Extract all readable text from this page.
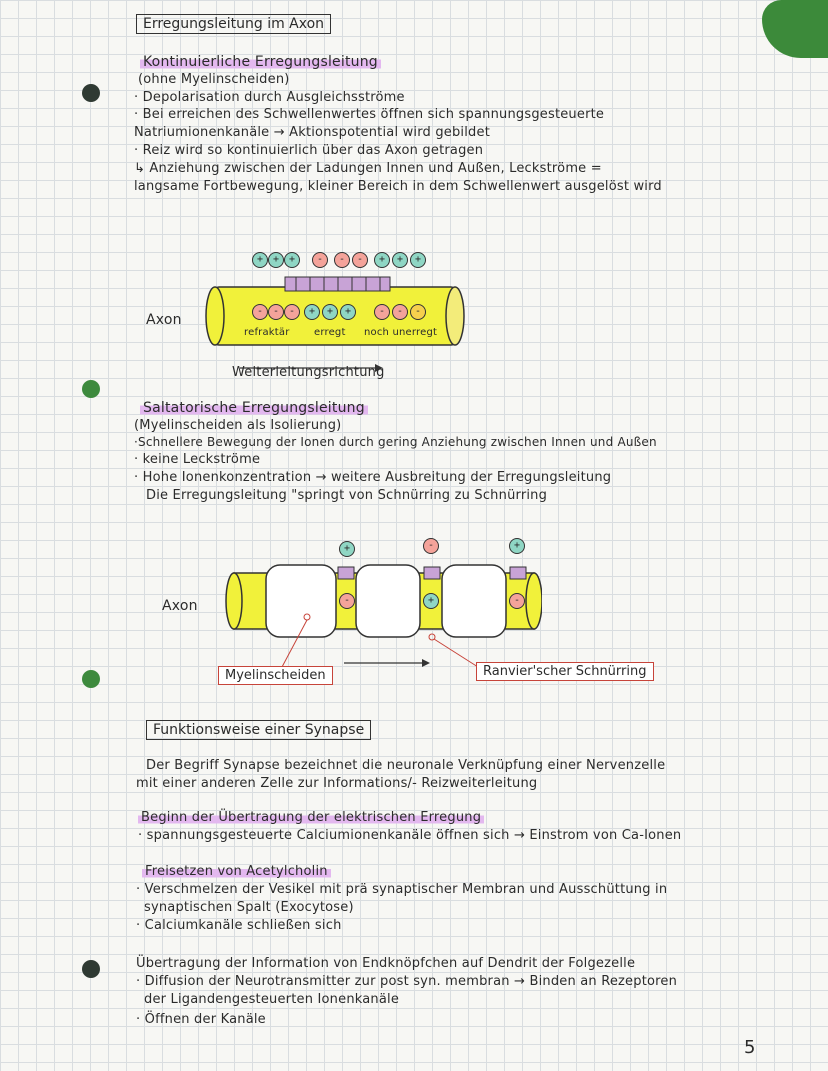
Erregungsleitung im Axon
Kontinuierliche Erregungsleitung
(ohne Myelinscheiden)
· Depolarisation durch Ausgleichsströme
· Bei erreichen des Schwellenwertes öffnen sich spannungsgesteuerte
Natriumionenkanäle → Aktionspotential wird gebildet
· Reiz wird so kontinuierlich über das Axon getragen
↳ Anziehung zwischen der Ladungen Innen und Außen, Leckströme =
langsame Fortbewegung, kleiner Bereich in dem Schwellenwert ausgelöst wird
Axon
+ + +	-	-	-	+	+	+
- - -	+	+	+	-	-	-
refraktär erregt noch unerregt
Weiterleitungsrichtung
Saltatorische Erregungsleitung
(Myelinscheiden als Isolierung)
·Schnellere Bewegung der Ionen durch gering Anziehung zwischen Innen und Außen
· keine Leckströme
· Hohe Ionenkonzentration → weitere Ausbreitung der Erregungsleitung
Die Erregungsleitung "springt von Schnürring zu Schnürring
Axon
+	-	+
-	+	-
Myelinscheiden	Ranvier'scher Schnürring
Funktionsweise einer Synapse
Der Begriff Synapse bezeichnet die neuronale Verknüpfung einer Nervenzelle
mit einer anderen Zelle zur Informations/- Reizweiterleitung
Beginn der Übertragung der elektrischen Erregung
· spannungsgesteuerte Calciumionenkanäle öffnen sich → Einstrom von Ca-Ionen
Freisetzen von Acetylcholin
· Verschmelzen der Vesikel mit prä synaptischer Membran und Ausschüttung in
synaptischen Spalt (Exocytose)
· Calciumkanäle schließen sich
Übertragung der Information von Endknöpfchen auf Dendrit der Folgezelle
· Diffusion der Neurotransmitter zur post syn. membran → Binden an Rezeptoren
der Ligandengesteuerten Ionenkanäle
· Öffnen der Kanäle
5
